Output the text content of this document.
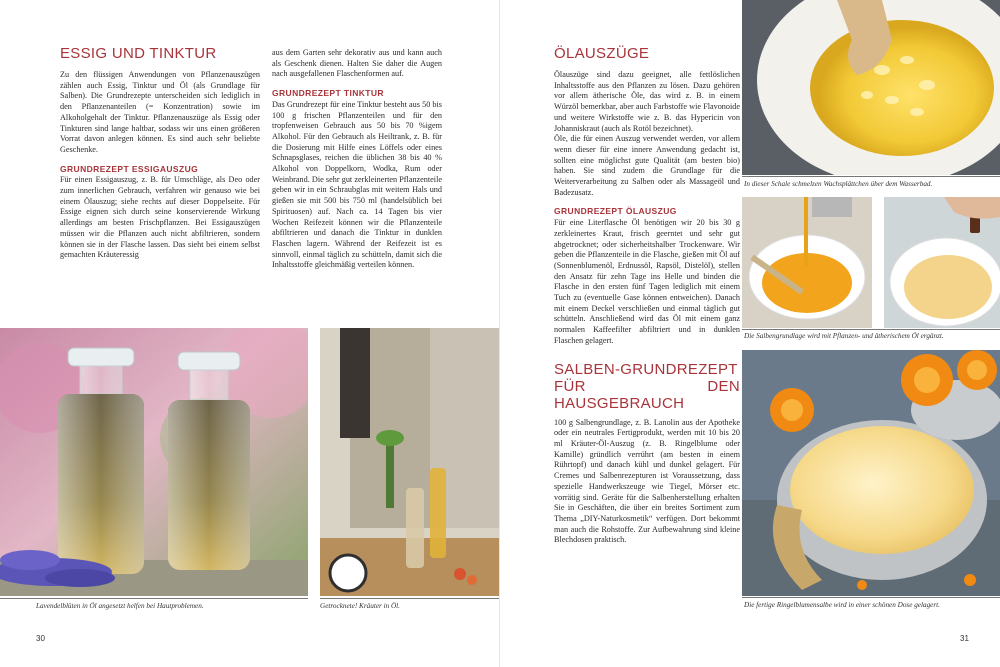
ESSIG UND TINKTUR

Zu den flüssigen Anwendungen von Pflanzenauszügen zählen auch Essig, Tinktur und Öl (als Grundlage für Salben). Die Grundrezepte unterscheiden sich lediglich in den Pflanzenanteilen (= Konzentration) sowie im Alkoholgehalt der Tinktur. Pflanzenauszüge als Essig oder Tinkturen sind lange haltbar, sodass wir uns einen größeren Vorrat davon anlegen können. Es sind auch sehr beliebte Geschenke.

GRUNDREZEPT ESSIGAUSZUG

Für einen Essigauszug, z. B. für Umschläge, als Deo oder zum innerlichen Gebrauch, verfahren wir genauso wie bei einem Ölauszug; siehe rechts auf dieser Doppelseite. Für Essige eignen sich durch seine konservierende Wirkung allerdings am besten Frischpflanzen. Bei Essigauszügen müssen wir die Pflanzen auch nicht abfiltrieren, sondern können sie in der Flasche lassen. Das sieht bei einem selbst gemachten Kräuteressig

aus dem Garten sehr dekorativ aus und kann auch als Geschenk dienen. Halten Sie daher die Augen nach ausgefallenen Flaschenformen auf.

GRUNDREZEPT TINKTUR

Das Grundrezept für eine Tinktur besteht aus 50 bis 100 g frischen Pflanzenteilen und für den tropfenweisen Gebrauch aus 50 bis 70 %igem Alkohol. Für den Gebrauch als Heiltrank, z. B. für die Dosierung mit Hilfe eines Löffels oder eines Schnapsglases, reichen die üblichen 38 bis 40 % Alkohol von Doppelkorn, Wodka, Rum oder Weinbrand. Die sehr gut zerkleinerten Pflanzenteile geben wir in ein Schraubglas mit weitem Hals und gießen sie mit 500 bis 750 ml (handelsüblich bei Spirituosen) auf. Nach ca. 14 Tagen bis vier Wochen Reifezeit können wir die Pflanzenteile abfiltrieren und danach die Tinktur in dunklen Flaschen lagern. Während der Reifezeit ist es sinnvoll, einmal täglich zu schütteln, damit sich die Inhaltsstoffe gleichmäßig verteilen können.

Lavendelblüten in Öl angesetzt helfen bei Hautproblemen.	Getrocknete! Kräuter in Öl.
30
ÖLAUSZÜGE

Ölauszüge sind dazu geeignet, alle fettlöslichen Inhaltsstoffe aus den Pflanzen zu lösen. Dazu gehören vor allem ätherische Öle, das wird z. B. in einem Würzöl bemerkbar, aber auch Farbstoffe wie Flavonoide und weitere Wirkstoffe wie z. B. das Hypericin von Johanniskraut (auch als Rotöl bezeichnet).

Öle, die für einen Auszug verwendet werden, vor allem wenn dieser für eine innere Anwendung gedacht ist, sollten eine möglichst gute Qualität (am besten bio) haben. Sie sind zudem die Grundlage für die Weiterverarbeitung zu Salben oder als Massageöl und Badezusatz.

GRUNDREZEPT ÖLAUSZUG

Für eine Literflasche Öl benötigen wir 20 bis 30 g zerkleinertes Kraut, frisch geerntet und sehr gut abgetrocknet; oder sicherheitshalber Trockenware. Wir geben die Pflanzenteile in die Flasche, gießen mit Öl auf (Sonnenblumenöl, Erdnussöl, Rapsöl, Distelöl), stellen den Ansatz für zehn Tage ins Helle und binden die Flasche in den ersten fünf Tagen lediglich mit einem Tuch zu (eventuelle Gase können entweichen). Danach mit einem Deckel verschließen und einmal täglich gut schütteln. Anschließend wird das Öl mit einem ganz normalen Kaffeefilter abfiltriert und in dunklen Flaschen gelagert.

SALBEN-GRUNDREZEPT
FÜR DEN HAUSGEBRAUCH

100 g Salbengrundlage, z. B. Lanolin aus der Apotheke oder ein neutrales Fertigprodukt, werden mit 10 bis 20 ml Kräuter-Öl-Auszug (z. B. Ringelblume oder Kamille) gründlich verrührt (am besten in einem Rührtopf) und danach kühl und dunkel gelagert. Für Cremes und Salbenrezepturen ist Voraussetzung, dass spezielle Handwerkszeuge wie Tiegel, Mörser etc. vorrätig sind. Geräte für die Salbenherstellung erhalten Sie in Geschäften, die über ein breites Sortiment zum Thema „DIY-Naturkosmetik“ verfügen. Dort bekommt man auch die Rohstoffe. Zur Aufbewahrung sind kleine Blechdosen praktisch.

In dieser Schale schmelzen Wachsplättchen über dem Wasserbad.
Die Salbengrundlage wird mit Pflanzen- und ätherischem Öl ergänzt.
Die fertige Ringelblumensalbe wird in einer schönen Dose gelagert.
31
